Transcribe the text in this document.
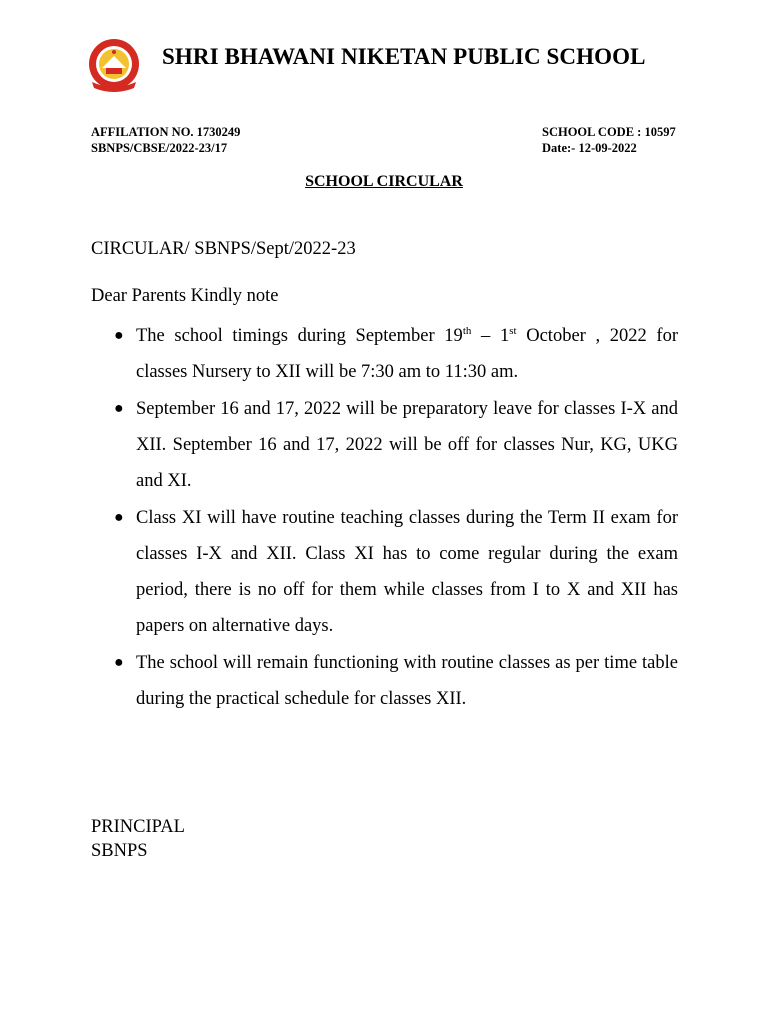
SHRI BHAWANI NIKETAN PUBLIC SCHOOL
AFFILATION NO. 1730249
SBNPS/CBSE/2022-23/17
SCHOOL CODE : 10597
Date:- 12-09-2022
SCHOOL CIRCULAR
CIRCULAR/ SBNPS/Sept/2022-23
Dear Parents Kindly note
● The school timings during September 19th – 1st October , 2022 for classes Nursery to XII will be 7:30 am to 11:30 am.
● September 16 and 17, 2022 will be preparatory leave for classes I-X and XII. September 16 and 17, 2022 will be off for classes Nur, KG, UKG and XI.
● Class XI will have routine teaching classes during the Term II exam for classes I-X and XII. Class XI has to come regular during the exam period, there is no off for them while classes from I to X and XII has papers on alternative days.
● The school will remain functioning with routine classes as per time table during the practical schedule for classes XII.
PRINCIPAL
SBNPS
